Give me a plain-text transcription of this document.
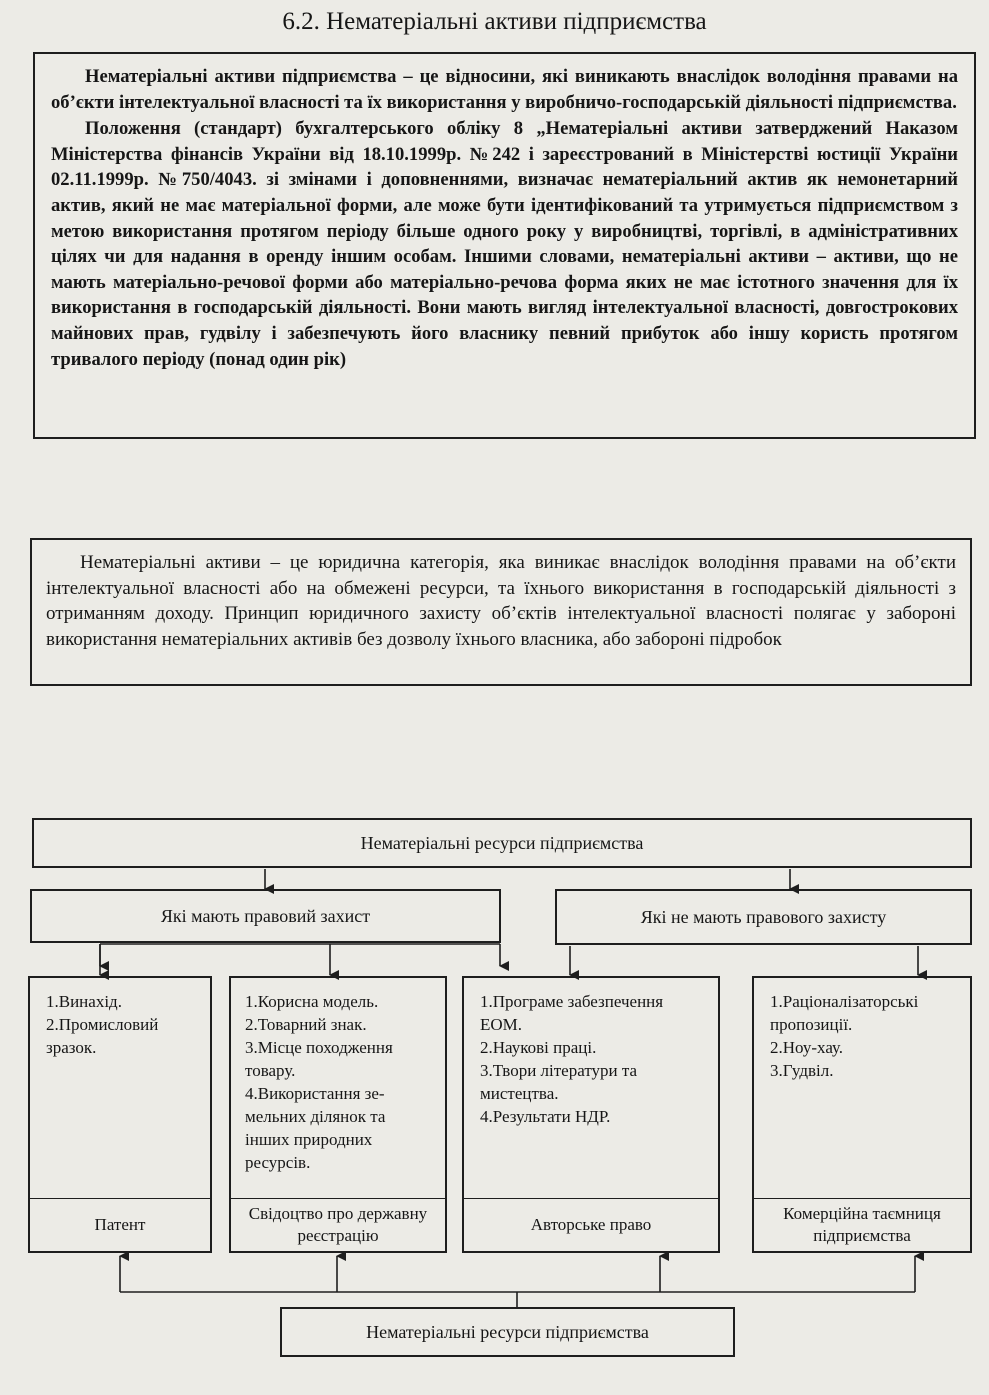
6.2. Нематеріальні активи підприємства

Нематеріальні активи підприємства – це відносини, які виникають внаслідок володіння правами на об’єкти інтелектуальної власності та їх використання у виробничо-господарській діяльності підприємства.

Положення (стандарт) бухгалтерського обліку 8 „Нематеріальні активи затверджений Наказом Міністерства фінансів України від 18.10.1999р. №242 і зареєстрований в Міністерстві юстиції України 02.11.1999р. №750/4043. зі змінами і доповненнями, визначає нематеріальний актив як немонетарний актив, який не має матеріальної форми, але може бути ідентифікований та утримується підприємством з метою використання протягом періоду більше одного року у виробництві, торгівлі, в адміністративних цілях чи для надання в оренду іншим особам. Іншими словами, нематеріальні активи – активи, що не мають матеріально-речової форми або матеріально-речова форма яких не має істотного значення для їх використання в господарській діяльності. Вони мають вигляд інтелектуальної власності, довгострокових майнових прав, гудвілу і забезпечують його власнику певний прибуток або іншу користь протягом тривалого періоду (понад один рік)

Нематеріальні активи – це юридична категорія, яка виникає внаслідок володіння правами на об’єкти інтелектуальної власності або на обмежені ресурси, та їхнього використання в господарській діяльності з отриманням доходу. Принцип юридичного захисту об’єктів інтелектуальної власності полягає у забороні використання нематеріальних активів без дозволу їхнього власника, або забороні підробок

Нематеріальні ресурси підприємства
Які мають правовий захист	Які не мають правового захисту
1.Винахід.
2.Промисловий
зразок.
Патент
1.Корисна модель.
2.Товарний знак.
3.Місце походження
товару.
4.Використання зе-
мельних ділянок та
інших природних
ресурсів.
Свідоцтво про державну реєстрацію
1.Програме забезпечення
ЕОМ.
2.Наукові праці.
3.Твори літератури та
мистецтва.
4.Результати НДР.
Авторське право
1.Раціоналізаторські
пропозиції.
2.Ноу-хау.
3.Гудвіл.
Комерційна таємниця підприємства
Нематеріальні ресурси підприємства
